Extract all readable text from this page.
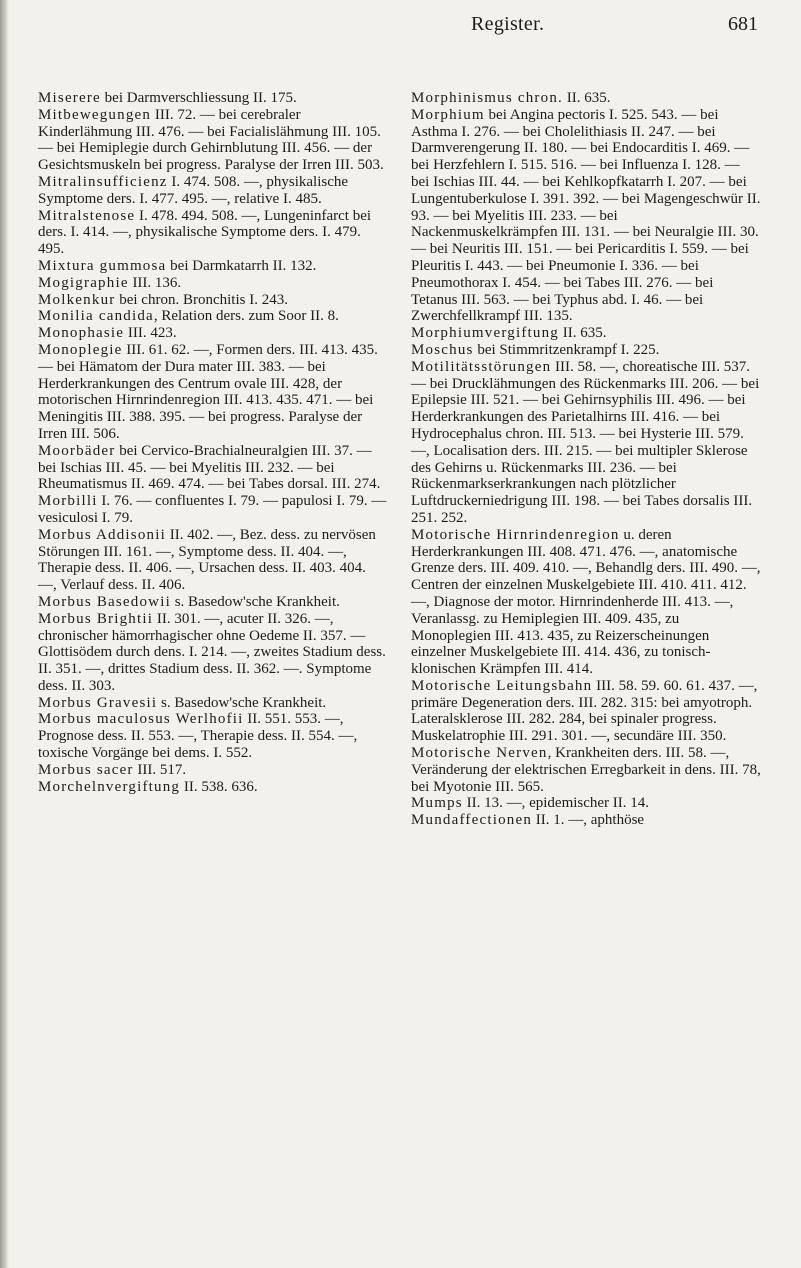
Register.	681

Miserere bei Darmverschliessung II. 175.

Mitbewegungen III. 72. — bei cerebraler Kinderlähmung III. 476. — bei Facialislähmung III. 105. — bei Hemiplegie durch Gehirnblutung III. 456. — der Gesichtsmuskeln bei progress. Paralyse der Irren III. 503.

Mitralinsufficienz I. 474. 508. —, physikalische Symptome ders. I. 477. 495. —, relative I. 485.

Mitralstenose I. 478. 494. 508. —, Lungeninfarct bei ders. I. 414. —, physikalische Symptome ders. I. 479. 495.

Mixtura gummosa bei Darmkatarrh II. 132.

Mogigraphie III. 136.

Molkenkur bei chron. Bronchitis I. 243.

Monilia candida, Relation ders. zum Soor II. 8.

Monophasie III. 423.

Monoplegie III. 61. 62. —, Formen ders. III. 413. 435. — bei Hämatom der Dura mater III. 383. — bei Herderkrankungen des Centrum ovale III. 428, der motorischen Hirnrindenregion III. 413. 435. 471. — bei Meningitis III. 388. 395. — bei progress. Paralyse der Irren III. 506.

Moorbäder bei Cervico-Brachialneuralgien III. 37. — bei Ischias III. 45. — bei Myelitis III. 232. — bei Rheumatismus II. 469. 474. — bei Tabes dorsal. III. 274.

Morbilli I. 76. — confluentes I. 79. — papulosi I. 79. — vesiculosi I. 79.

Morbus Addisonii II. 402. —, Bez. dess. zu nervösen Störungen III. 161. —, Symptome dess. II. 404. —, Therapie dess. II. 406. —, Ursachen dess. II. 403. 404. —, Verlauf dess. II. 406.

Morbus Basedowii s. Basedow'sche Krankheit.

Morbus Brightii II. 301. —, acuter II. 326. —, chronischer hämorrhagischer ohne Oedeme II. 357. — Glottisödem durch dens. I. 214. —, zweites Stadium dess. II. 351. —, drittes Stadium dess. II. 362. —. Symptome dess. II. 303.

Morbus Gravesii s. Basedow'sche Krankheit.

Morbus maculosus Werlhofii II. 551. 553. —, Prognose dess. II. 553. —, Therapie dess. II. 554. —, toxische Vorgänge bei dems. I. 552.

Morbus sacer III. 517.

Morchelnvergiftung II. 538. 636.

Morphinismus chron. II. 635.

Morphium bei Angina pectoris I. 525. 543. — bei Asthma I. 276. — bei Cholelithiasis II. 247. — bei Darmverengerung II. 180. — bei Endocarditis I. 469. — bei Herzfehlern I. 515. 516. — bei Influenza I. 128. — bei Ischias III. 44. — bei Kehlkopfkatarrh I. 207. — bei Lungentuberkulose I. 391. 392. — bei Magengeschwür II. 93. — bei Myelitis III. 233. — bei Nackenmuskelkrämpfen III. 131. — bei Neuralgie III. 30. — bei Neuritis III. 151. — bei Pericarditis I. 559. — bei Pleuritis I. 443. — bei Pneumonie I. 336. — bei Pneumothorax I. 454. — bei Tabes III. 276. — bei Tetanus III. 563. — bei Typhus abd. I. 46. — bei Zwerchfellkrampf III. 135.

Morphiumvergiftung II. 635.

Moschus bei Stimmritzenkrampf I. 225.

Motilitätsstörungen III. 58. —, choreatische III. 537. — bei Drucklähmungen des Rückenmarks III. 206. — bei Epilepsie III. 521. — bei Gehirnsyphilis III. 496. — bei Herderkrankungen des Parietalhirns III. 416. — bei Hydrocephalus chron. III. 513. — bei Hysterie III. 579. —, Localisation ders. III. 215. — bei multipler Sklerose des Gehirns u. Rückenmarks III. 236. — bei Rückenmarkserkrankungen nach plötzlicher Luftdruckerniedrigung III. 198. — bei Tabes dorsalis III. 251. 252.

Motorische Hirnrindenregion u. deren Herderkrankungen III. 408. 471. 476. —, anatomische Grenze ders. III. 409. 410. —, Behandlg ders. III. 490. —, Centren der einzelnen Muskelgebiete III. 410. 411. 412. —, Diagnose der motor. Hirnrindenherde III. 413. —, Veranlassg. zu Hemiplegien III. 409. 435, zu Monoplegien III. 413. 435, zu Reizerscheinungen einzelner Muskelgebiete III. 414. 436, zu tonisch-klonischen Krämpfen III. 414.

Motorische Leitungsbahn III. 58. 59. 60. 61. 437. —, primäre Degeneration ders. III. 282. 315: bei amyotroph. Lateralsklerose III. 282. 284, bei spinaler progress. Muskelatrophie III. 291. 301. —, secundäre III. 350.

Motorische Nerven, Krankheiten ders. III. 58. —, Veränderung der elektrischen Erregbarkeit in dens. III. 78, bei Myotonie III. 565.

Mumps II. 13. —, epidemischer II. 14.

Mundaffectionen II. 1. —, aphthöse
